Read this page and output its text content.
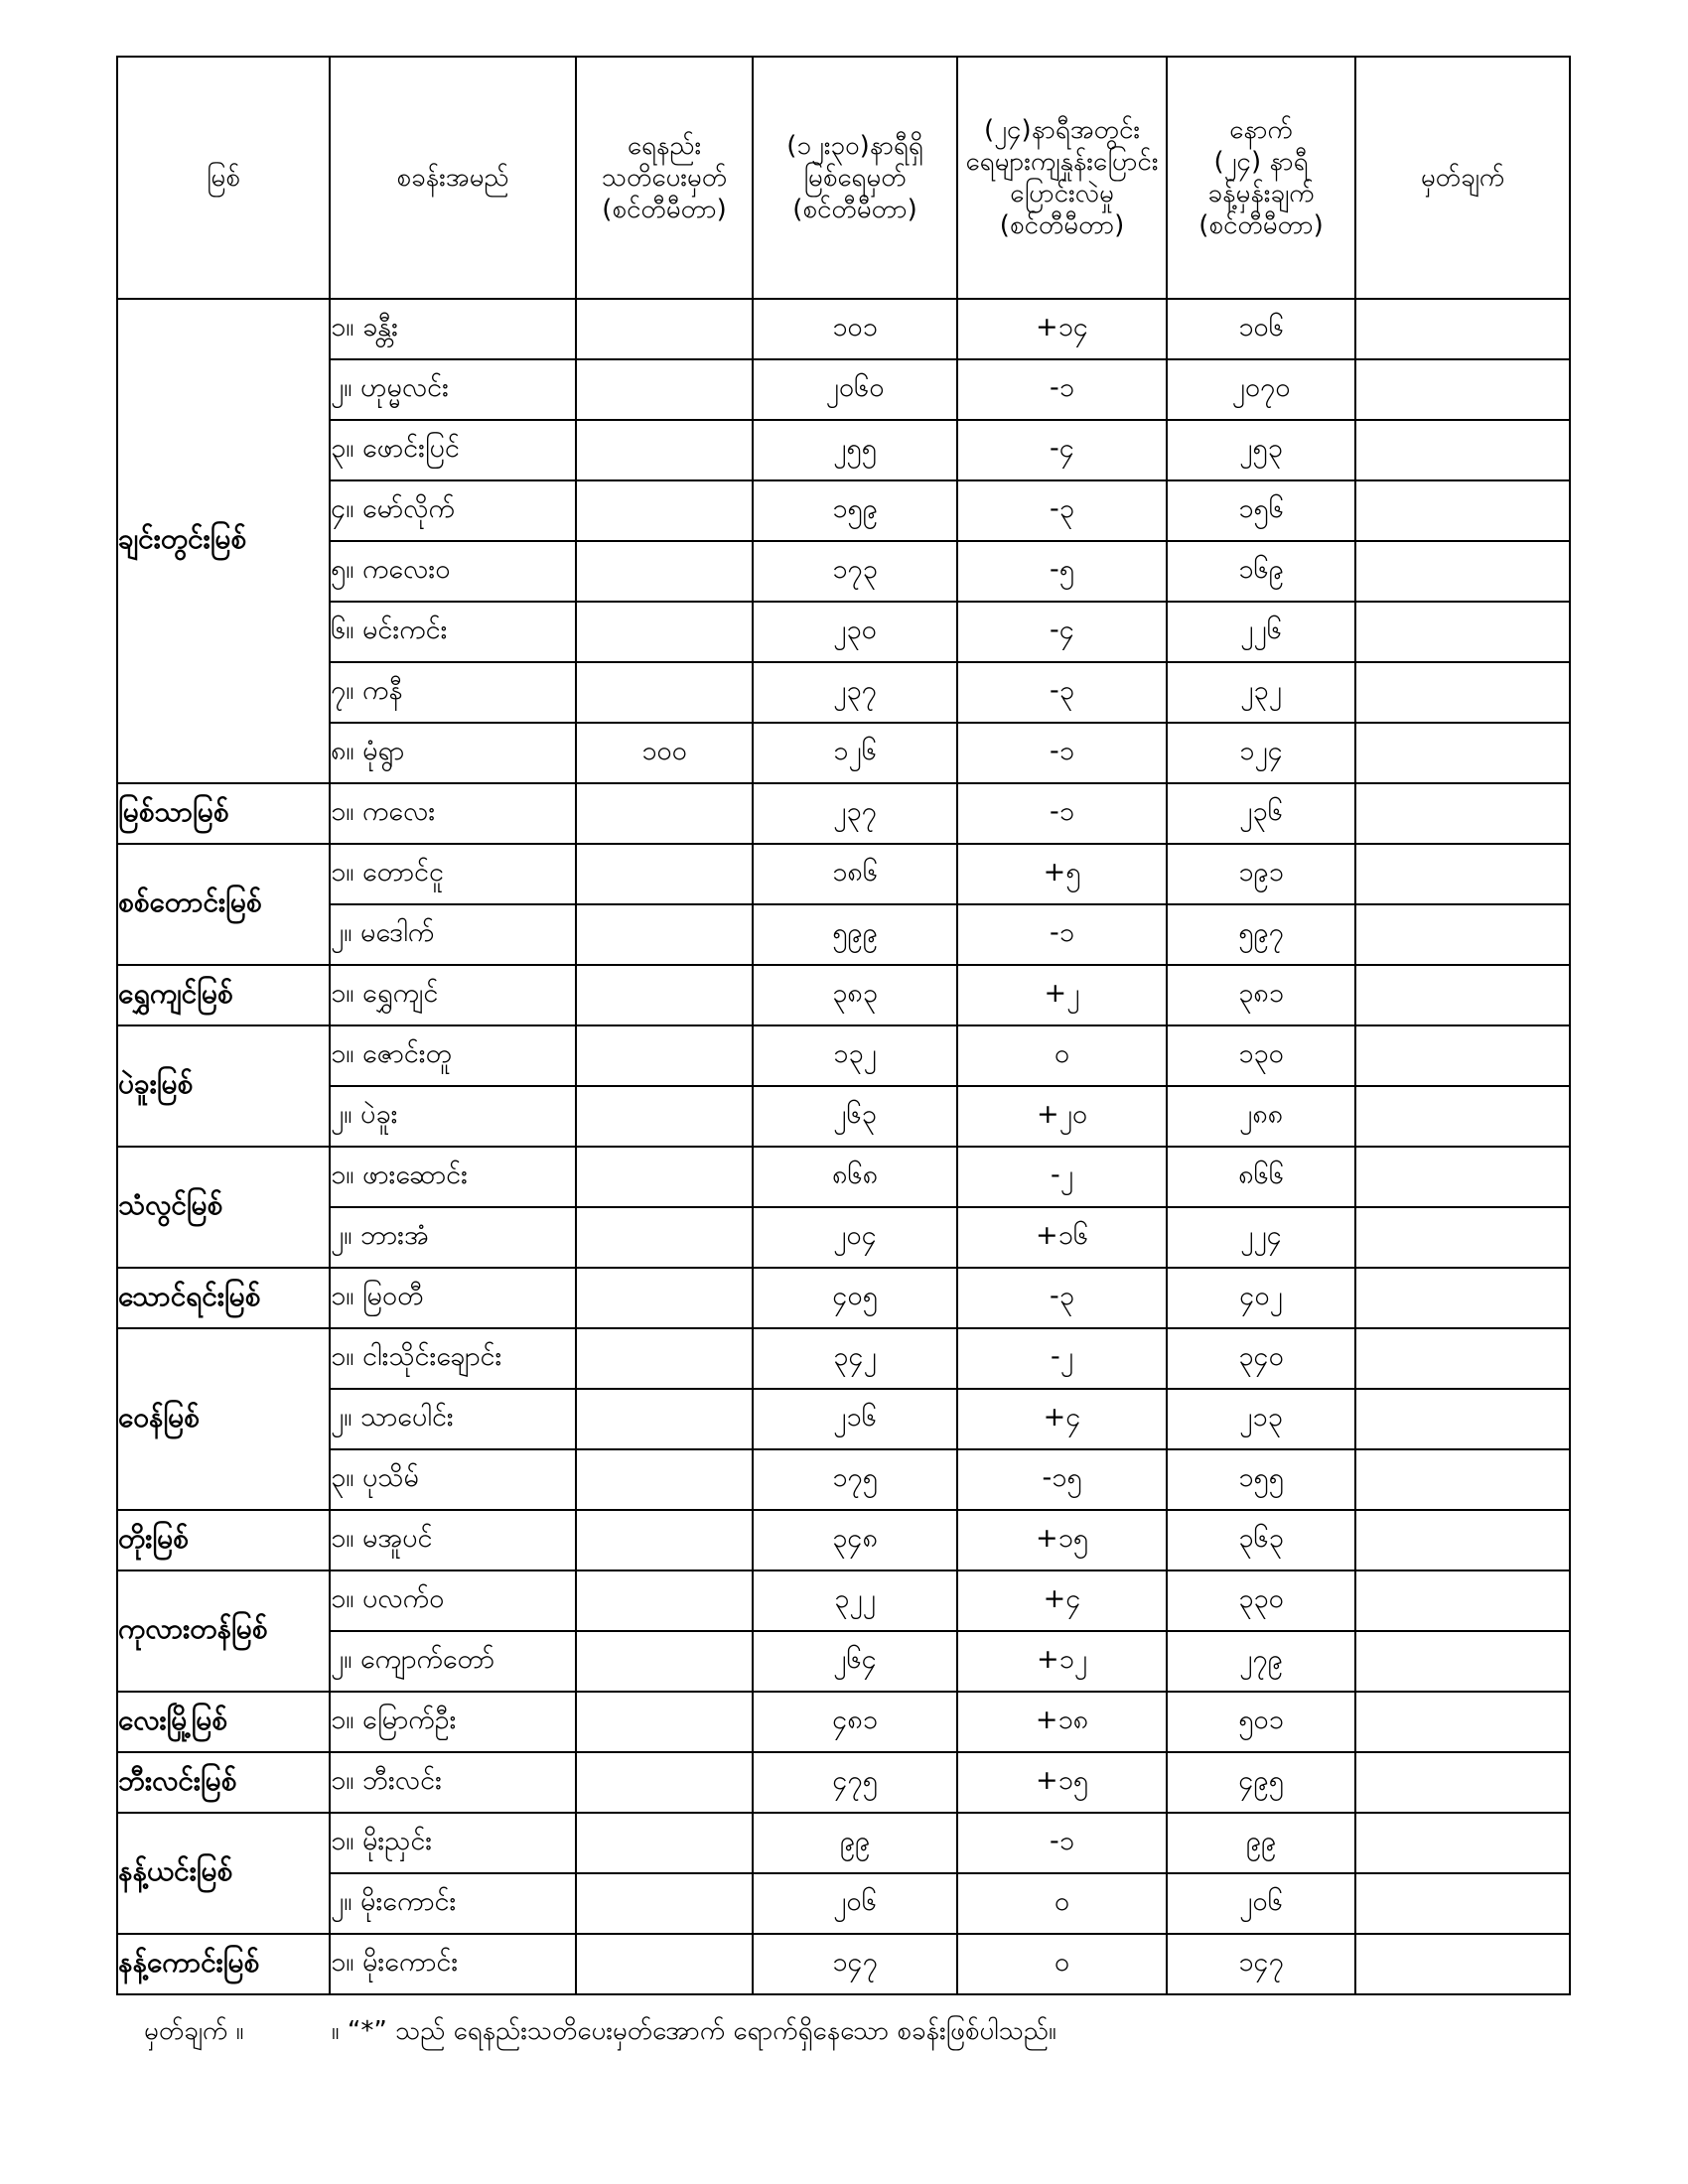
မြစ်	စခန်းအမည်	ရေနည်း
သတိပေးမှတ်
(စင်တီမီတာ)	(၁၂း၃၀)နာရီရှိ
မြစ်ရေမှတ်
(စင်တီမီတာ)	(၂၄)နာရီအတွင်း
ရေများကျနှုန်းပြောင်း
ပြောင်းလဲမှု
(စင်တီမီတာ)	နောက်
(၂၄) နာရီ
ခန့်မှန်းချက်
(စင်တီမီတာ)	မှတ်ချက်

ချင်းတွင်းမြစ်	၁။ ခန္တီး		၁၀၁	+၁၄	၁၀၆	
	၂။ ဟုမ္မလင်း		၂၀၆၀	-၁	၂၀၇၀	
	၃။ ဖောင်းပြင်		၂၅၅	-၄	၂၅၃	
	၄။ မော်လိုက်		၁၅၉	-၃	၁၅၆	
	၅။ ကလေးဝ		၁၇၃	-၅	၁၆၉	
	၆။ မင်းကင်း		၂၃၀	-၄	၂၂၆	
	၇။ ကနီ		၂၃၇	-၃	၂၃၂	
	၈။ မုံရွာ	၁၀၀	၁၂၆	-၁	၁၂၄	
မြစ်သာမြစ်	၁။ ကလေး		၂၃၇	-၁	၂၃၆	
စစ်တောင်းမြစ်	၁။ တောင်ငူ		၁၈၆	+၅	၁၉၁	
	၂။ မဒေါက်		၅၉၉	-၁	၅၉၇	
ရွှေကျင်မြစ်	၁။ ရွှေကျင်		၃၈၃	+၂	၃၈၁	
ပဲခူးမြစ်	၁။ ဇောင်းတူ		၁၃၂	၀	၁၃၀	
	၂။ ပဲခူး		၂၆၃	+၂၀	၂၈၈	
သံလွင်မြစ်	၁။ ဖားဆောင်း		၈၆၈	-၂	၈၆၆	
	၂။ ဘားအံ		၂၀၄	+၁၆	၂၂၄	
သောင်ရင်းမြစ်	၁။ မြဝတီ		၄၀၅	-၃	၄၀၂	
ဝေန်မြစ်	၁။ ငါးသိုင်းချောင်း		၃၄၂	-၂	၃၄၀	
	၂။ သာပေါင်း		၂၁၆	+၄	၂၁၃	
	၃။ ပုသိမ်		၁၇၅	-၁၅	၁၅၅	
တိုးမြစ်	၁။ မအူပင်		၃၄၈	+၁၅	၃၆၃	
ကုလားတန်မြစ်	၁။ ပလက်ဝ		၃၂၂	+၄	၃၃၀	
	၂။ ကျောက်တော်		၂၆၄	+၁၂	၂၇၉	
လေးမြို့မြစ်	၁။ မြောက်ဦး		၄၈၁	+၁၈	၅၀၁	
ဘီးလင်းမြစ်	၁။ ဘီးလင်း		၄၇၅	+၁၅	၄၉၅	
နန့်ယင်းမြစ်	၁။ မိုးညှင်း		၉၉	-၁	၉၉	
	၂။ မိုးကောင်း		၂၀၆	၀	၂၀၆	
နန့်ကောင်းမြစ်	၁။ မိုးကောင်း		၁၄၇	၀	၁၄၇	
မှတ်ချက် ။	။ “*” သည် ရေနည်းသတိပေးမှတ်အောက် ရောက်ရှိနေသော စခန်းဖြစ်ပါသည်။
